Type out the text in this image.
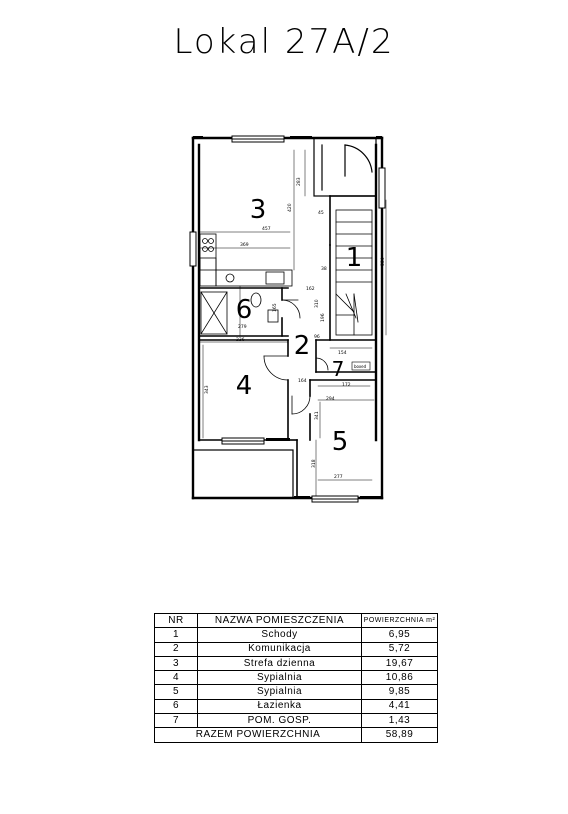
Lokal 27A/2
3
1
6
2
7
4
5
283
420
457
45
369
584
38
162
165
279
310
196
96
154
236
343
164
172
294
341
318
277
boxed
NR	NAZWA POMIESZCZENIA	POWIERZCHNIA m²
1	Schody	6,95
2	Komunikacja	5,72
3	Strefa dzienna	19,67
4	Sypialnia	10,86
5	Sypialnia	9,85
6	Łazienka	4,41
7	POM. GOSP.	1,43
RAZEM POWIERZCHNIA		58,89
